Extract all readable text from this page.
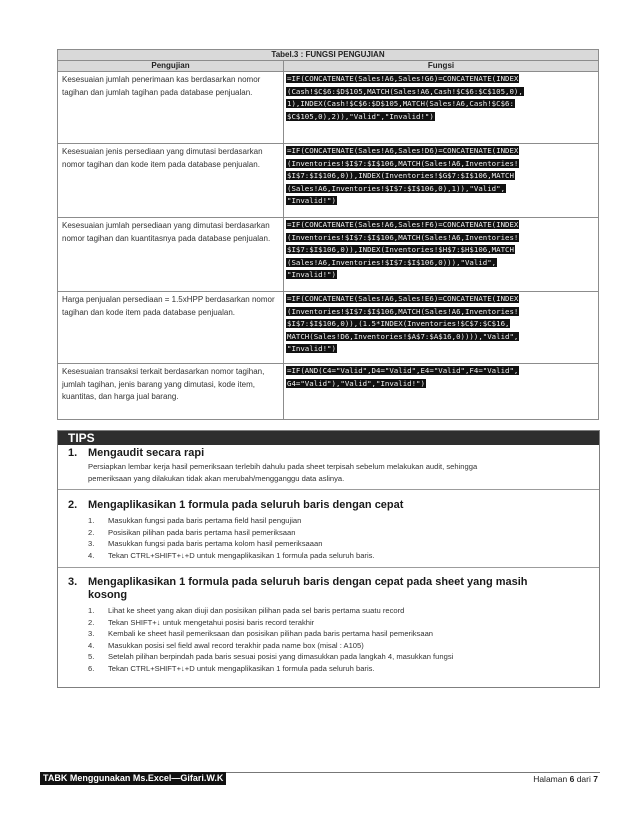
Tabel.3 : FUNGSI PENGUJIAN	
Pengujian	Fungsi
Kesesuaian jumlah penerimaan kas berdasarkan nomor tagihan dan jumlah tagihan pada database penjualan.	=IF(CONCATENATE(Sales!A6,Sales!G6)=CONCATENATE(INDEX
(Cash!$C$6:$D$105,MATCH(Sales!A6,Cash!$C$6:$C$105,0),
1),INDEX(Cash!$C$6:$D$105,MATCH(Sales!A6,Cash!$C$6:
$C$105,0),2)),"Valid","Invalid!")

Kesesuaian jenis persediaan yang dimutasi berdasarkan nomor tagihan dan kode item pada database penjualan.	=IF(CONCATENATE(Sales!A6,Sales!D6)=CONCATENATE(INDEX
(Inventories!$I$7:$I$106,MATCH(Sales!A6,Inventories!
$I$7:$I$106,0)),INDEX(Inventories!$G$7:$I$106,MATCH
(Sales!A6,Inventories!$I$7:$I$106,0),1)),"Valid",
"Invalid!")

Kesesuaian jumlah persediaan yang dimutasi berdasarkan nomor tagihan dan kuantitasnya pada database penjualan.	=IF(CONCATENATE(Sales!A6,Sales!F6)=CONCATENATE(INDEX
(Inventories!$I$7:$I$106,MATCH(Sales!A6,Inventories!
$I$7:$I$106,0)),INDEX(Inventories!$H$7:$H$106,MATCH
(Sales!A6,Inventories!$I$7:$I$106,0))),"Valid",
"Invalid!")

Harga penjualan persediaan = 1.5xHPP berdasarkan nomor tagihan dan kode item pada database penjualan.	=IF(CONCATENATE(Sales!A6,Sales!E6)=CONCATENATE(INDEX
(Inventories!$I$7:$I$106,MATCH(Sales!A6,Inventories!
$I$7:$I$106,0)),(1.5*INDEX(Inventories!$C$7:$C$16,
MATCH(Sales!D6,Inventories!$A$7:$A$16,0)))),"Valid",
"Invalid!")

Kesesuaian transaksi terkait berdasarkan nomor tagihan, jumlah tagihan, jenis barang yang dimutasi, kode item, kuantitas, dan harga jual barang.	=IF(AND(C4="Valid",D4="Valid",E4="Valid",F4="Valid",
G4="Valid"),"Valid","Invalid!")
TIPS
1. Mengaudit secara rapi
Persiapkan lembar kerja hasil pemeriksaan terlebih dahulu pada sheet terpisah sebelum melakukan audit, sehingga
pemeriksaan yang dilakukan tidak akan merubah/mengganggu data aslinya.
2. Mengaplikasikan 1 formula pada seluruh baris dengan cepat
1. Masukkan fungsi pada baris pertama field hasil pengujian
2. Posisikan pilihan pada baris pertama hasil pemeriksaan
3. Masukkan fungsi pada baris pertama kolom hasil pemeriksaaan
4. Tekan CTRL+SHIFT+↓+D untuk mengaplikasikan 1 formula pada seluruh baris.
3. Mengaplikasikan 1 formula pada seluruh baris dengan cepat pada sheet yang masih
kosong
1. Lihat ke sheet yang akan diuji dan posisikan pilihan pada sel baris pertama suatu record
2. Tekan SHIFT+↓ untuk mengetahui posisi baris record terakhir
3. Kembali ke sheet hasil pemeriksaan dan posisikan pilihan pada baris pertama hasil pemeriksaan
4. Masukkan posisi sel field awal record terakhir pada name box (misal : A105)
5. Setelah pilihan berpindah pada baris sesuai posisi yang dimasukkan pada langkah 4, masukkan fungsi
6. Tekan CTRL+SHIFT+↓+D untuk mengaplikasikan 1 formula pada seluruh baris.
TABK Menggunakan Ms.Excel—Gifari.W.K	Halaman 6 dari 7
